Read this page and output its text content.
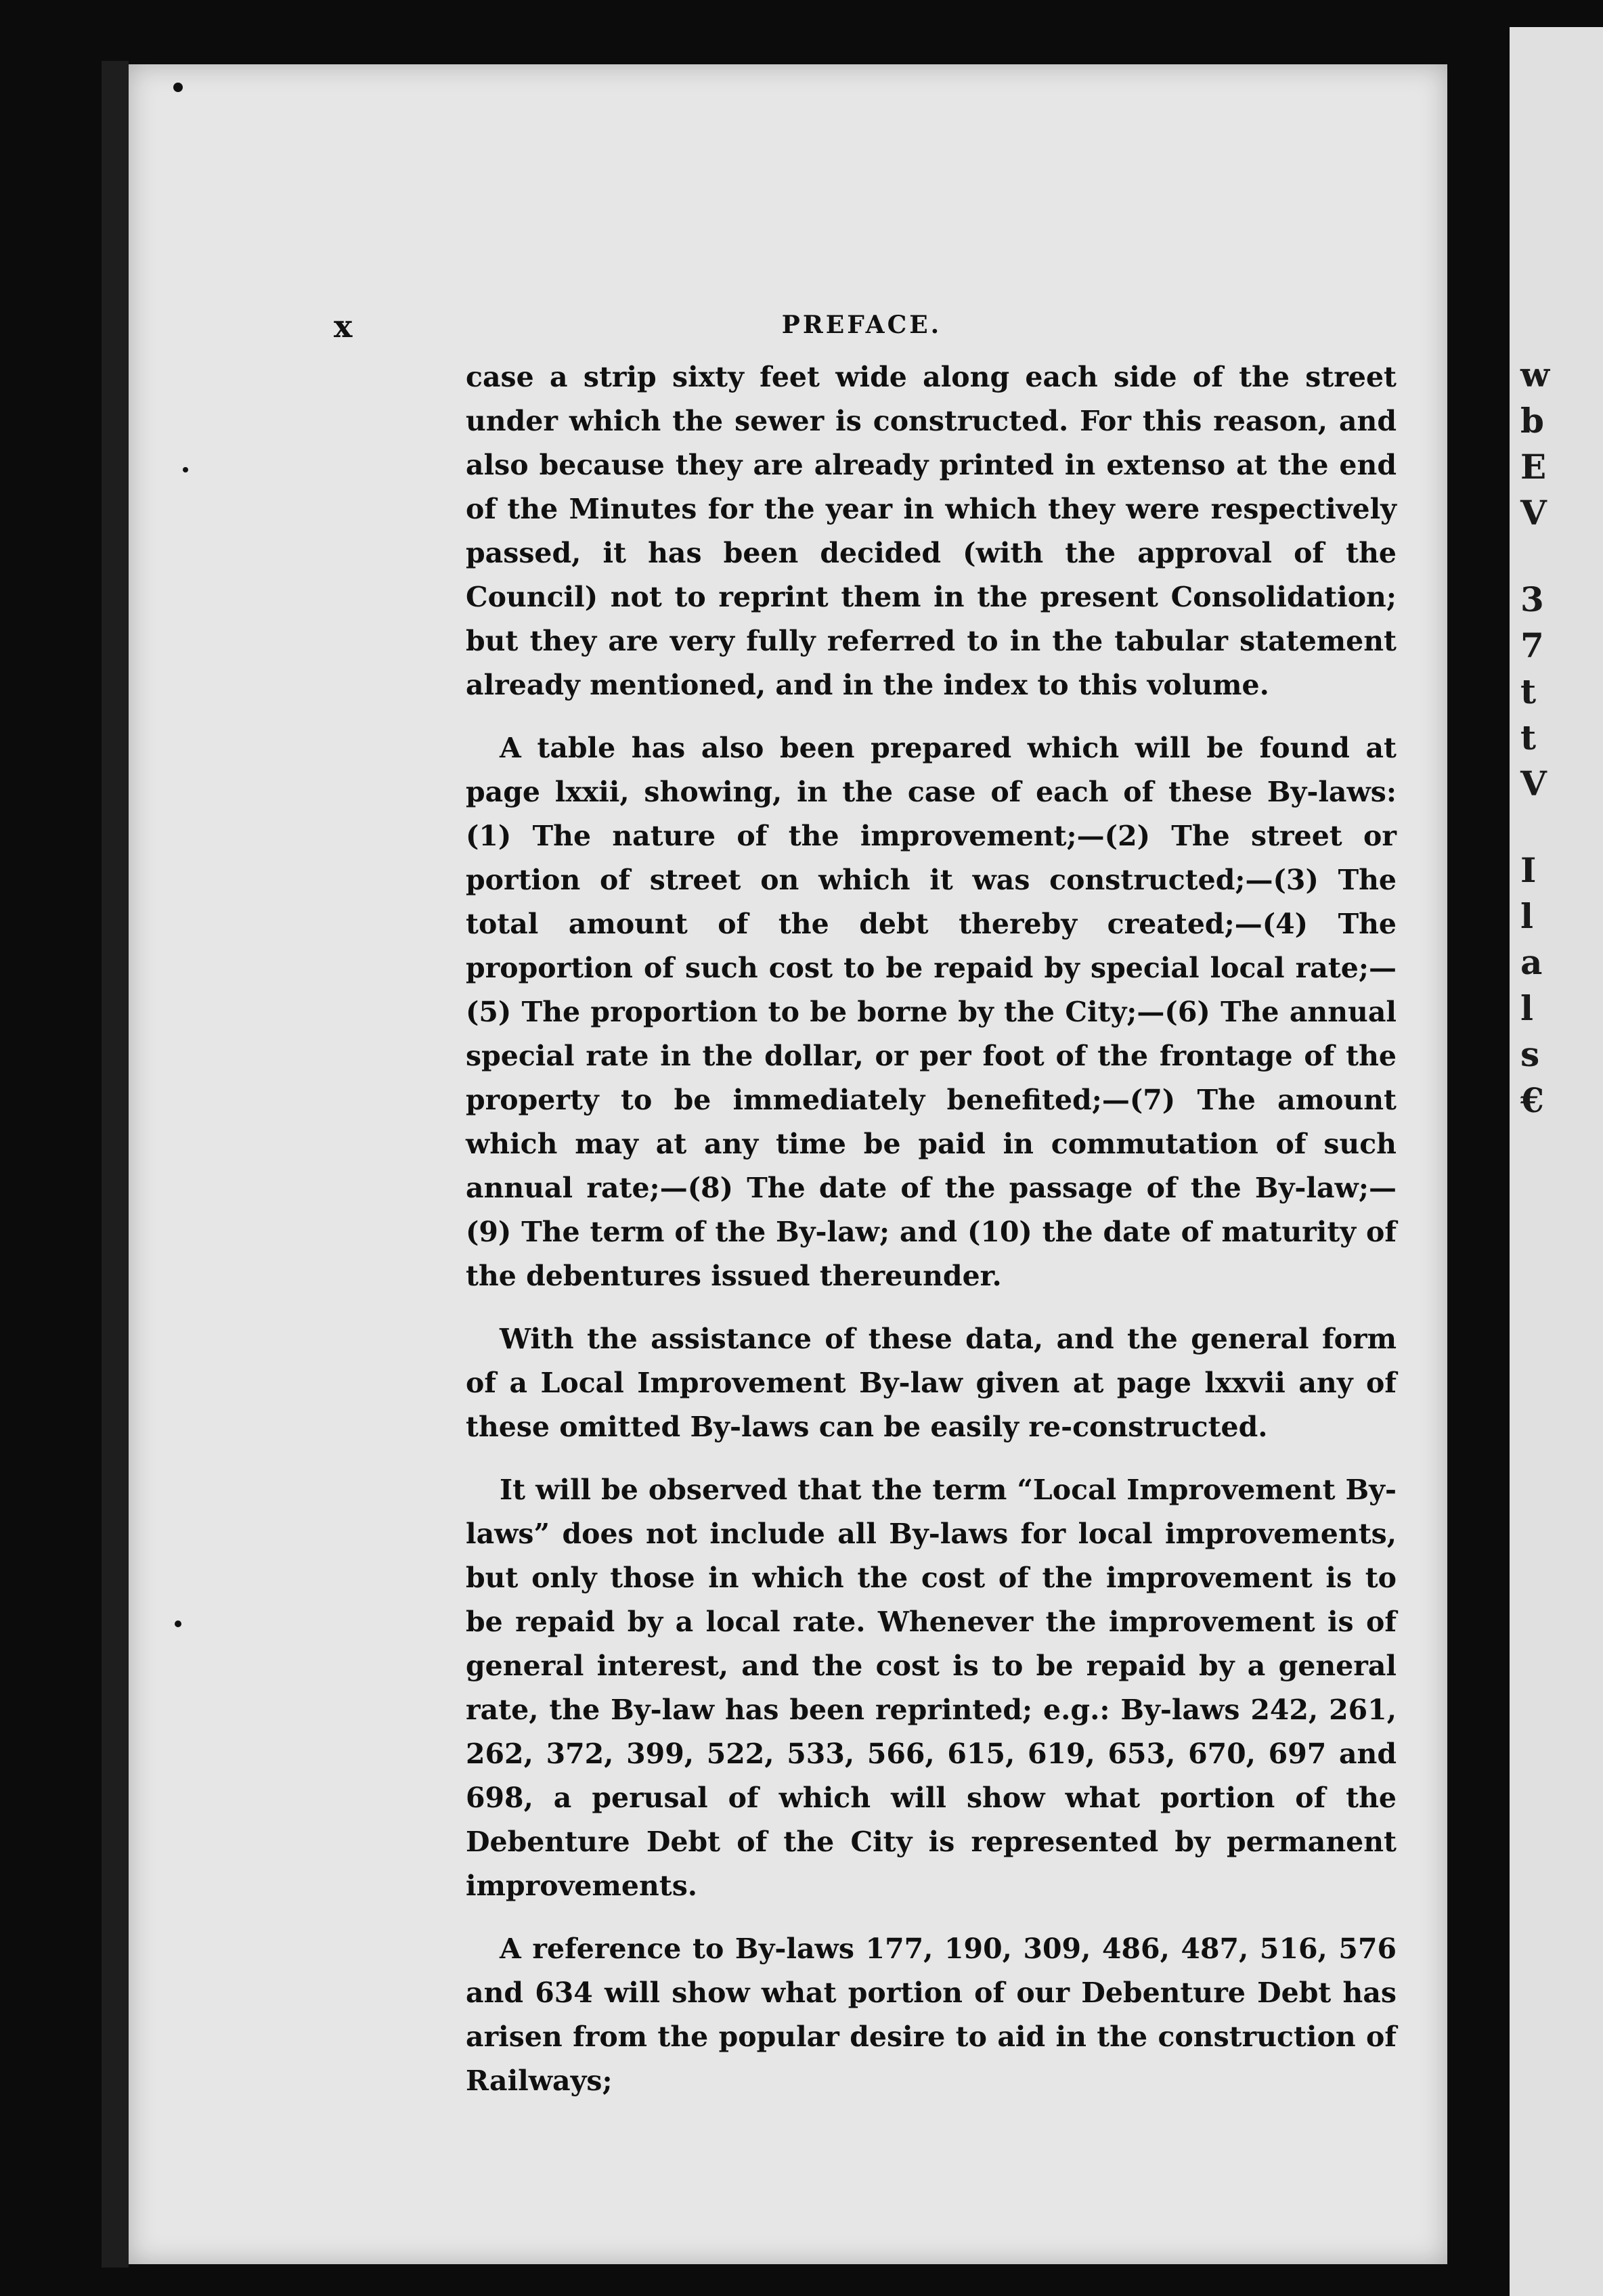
w
b
E
V
3
7
t
t
V
I
l
a
l
s
€
x	PREFACE.

case a strip sixty feet wide along each side of the street under which the sewer is constructed. For this reason, and also because they are already printed in extenso at the end of the Minutes for the year in which they were respectively passed, it has been decided (with the approval of the Council) not to reprint them in the present Consolidation; but they are very fully referred to in the tabular statement already mentioned, and in the index to this volume.

A table has also been prepared which will be found at page lxxii, showing, in the case of each of these By-laws: (1) The nature of the improvement;—(2) The street or portion of street on which it was constructed;—(3) The total amount of the debt thereby created;—(4) The proportion of such cost to be repaid by special local rate;—(5) The proportion to be borne by the City;—(6) The annual special rate in the dollar, or per foot of the frontage of the property to be immediately benefited;—(7) The amount which may at any time be paid in commutation of such annual rate;—(8) The date of the passage of the By-law;—(9) The term of the By-law; and (10) the date of maturity of the debentures issued thereunder.

With the assistance of these data, and the general form of a Local Improvement By-law given at page lxxvii any of these omitted By-laws can be easily re-constructed.

It will be observed that the term “Local Improvement By-laws” does not include all By-laws for local improvements, but only those in which the cost of the improvement is to be repaid by a local rate. Whenever the improvement is of general interest, and the cost is to be repaid by a general rate, the By-law has been reprinted; e.g.: By-laws 242, 261, 262, 372, 399, 522, 533, 566, 615, 619, 653, 670, 697 and 698, a perusal of which will show what portion of the Debenture Debt of the City is represented by permanent improvements.

A reference to By-laws 177, 190, 309, 486, 487, 516, 576 and 634 will show what portion of our Debenture Debt has arisen from the popular desire to aid in the construction of Railways;
